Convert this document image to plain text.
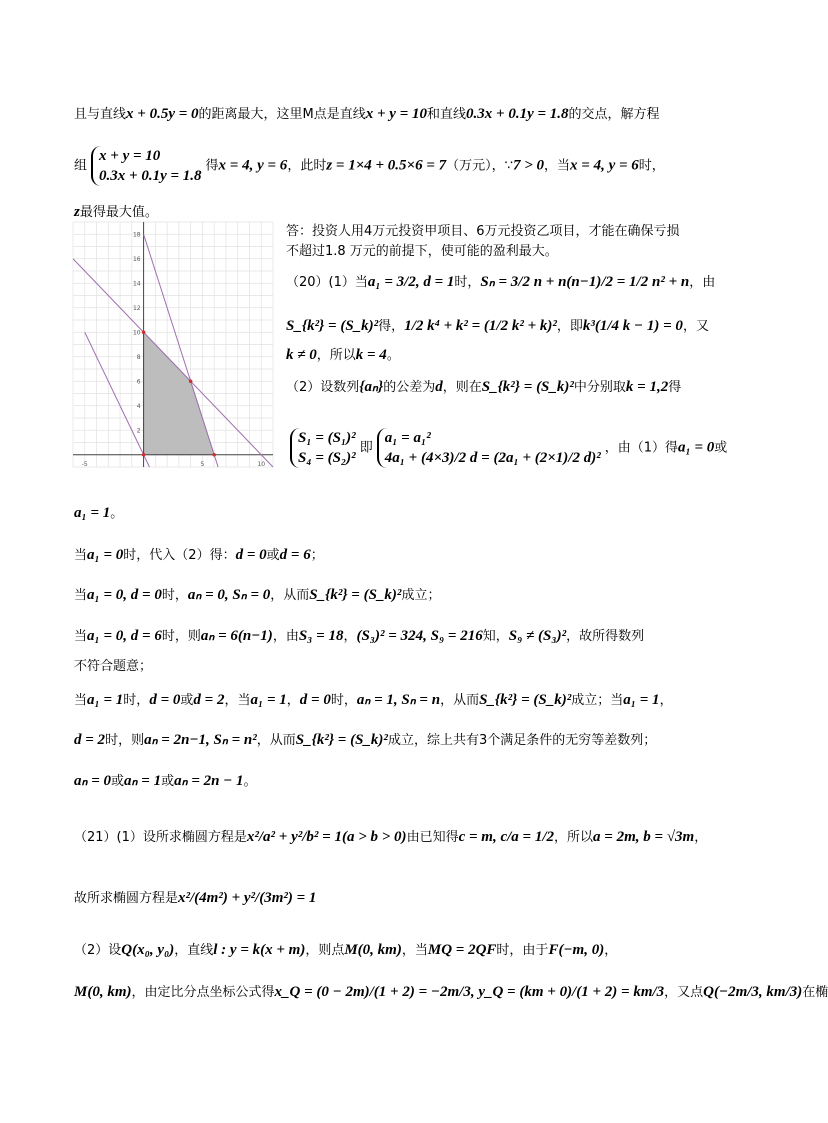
且与直线x + 0.5y = 0的距离最大，这里M点是直线x + y = 10和直线0.3x + 0.1y = 1.8的交点，解方程
组
x + y = 10
0.3x + 0.1y = 1.8
得x = 4, y = 6，此时z = 1×4 + 0.5×6 = 7（万元），∵7 > 0，当x = 4, y = 6时，
z最得最大值。
-5	5	10
2
4
6
8
10
12
14
16
18	答：投资人用4万元投资甲项目、6万元投资乙项目，才能在确保亏损
不超过1.8 万元的前提下，使可能的盈利最大。
（20）(1）当a₁ = 3/2, d = 1时，Sₙ = 3/2 n + n(n−1)/2 = 1/2 n² + n，由
S_{k²} = (S_k)²得，1/2 k⁴ + k² = (1/2 k² + k)²，即k³(1/4 k − 1) = 0，又
k ≠ 0，所以k = 4。
（2）设数列{aₙ}的公差为d，则在S_{k²} = (S_k)²中分别取k = 1,2得
S₁ = (S₁)²
S₄ = (S₂)²
即
a₁ = a₁²
4a₁ + (4×3)/2 d = (2a₁ + (2×1)/2 d)²
，由（1）得a₁ = 0或
a₁ = 1。
当a₁ = 0时，代入（2）得：d = 0或d = 6；
当a₁ = 0, d = 0时，aₙ = 0, Sₙ = 0，从而S_{k²} = (S_k)²成立；
当a₁ = 0, d = 6时，则aₙ = 6(n−1)，由S₃ = 18，(S₃)² = 324, S₉ = 216知，S₉ ≠ (S₃)²，故所得数列
不符合题意；
当a₁ = 1时，d = 0或d = 2，当a₁ = 1，d = 0时，aₙ = 1, Sₙ = n，从而S_{k²} = (S_k)²成立；当a₁ = 1，
d = 2时，则aₙ = 2n−1, Sₙ = n²，从而S_{k²} = (S_k)²成立，综上共有3个满足条件的无穷等差数列；
aₙ = 0或aₙ = 1或aₙ = 2n − 1。
（21）(1）设所求椭圆方程是x²/a² + y²/b² = 1(a > b > 0)由已知得c = m, c/a = 1/2，所以a = 2m, b = √3m，
故所求椭圆方程是x²/(4m²) + y²/(3m²) = 1
（2）设Q(x₀, y₀)，直线l : y = k(x + m)，则点M(0, km)，当MQ = 2QF时，由于F(−m, 0)，
M(0, km)，由定比分点坐标公式得x_Q = (0 − 2m)/(1 + 2) = −2m/3, y_Q = (km + 0)/(1 + 2) = km/3，又点Q(−2m/3, km/3)在椭
